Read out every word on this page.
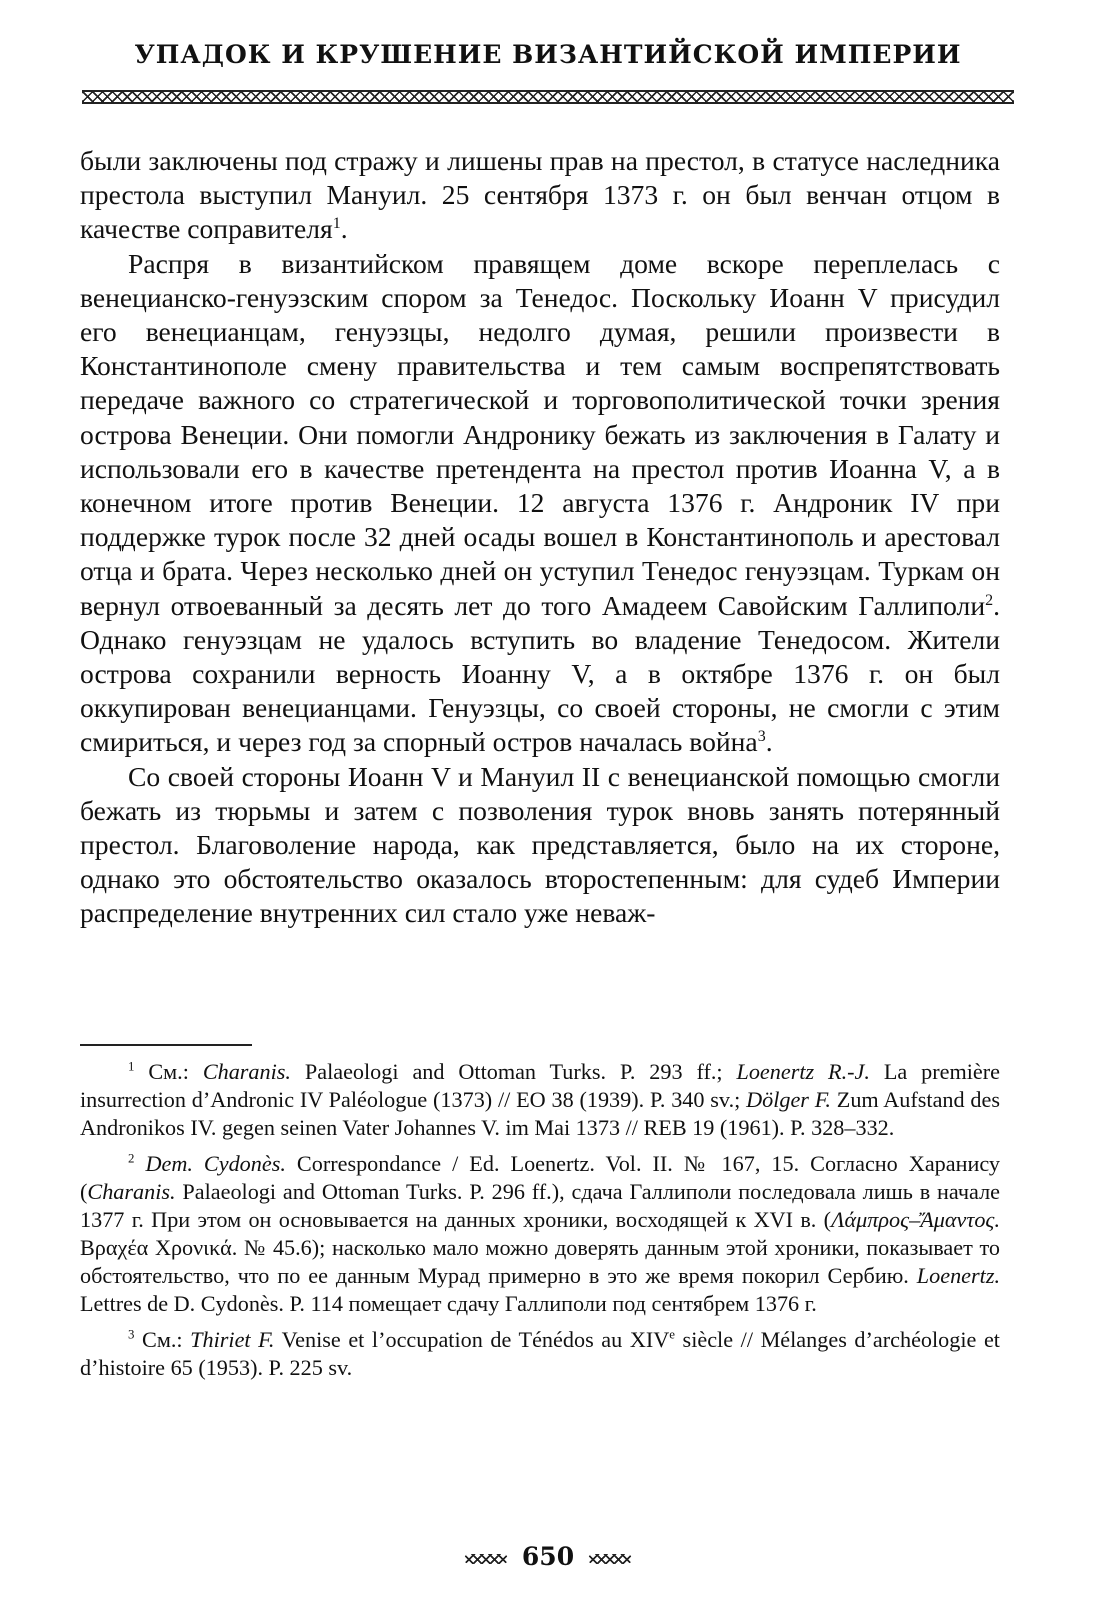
УПАДОК И КРУШЕНИЕ ВИЗАНТИЙСКОЙ ИМПЕРИИ

были заключены под стражу и лишены прав на престол, в статусе наследника престола выступил Мануил. 25 сентября 1373 г. он был венчан отцом в качестве соправителя$^1$.

Распря в византийском правящем доме вскоре переплелась с венецианско-генуэзским спором за Тенедос. Поскольку Иоанн V присудил его венецианцам, генуэзцы, недолго думая, решили произвести в Константинополе смену правительства и тем самым воспрепятствовать передаче важного со стратегической и торговополитической точки зрения острова Венеции. Они помогли Андронику бежать из заключения в Галату и использовали его в качестве претендента на престол против Иоанна V, а в конечном итоге против Венеции. 12 августа 1376 г. Андроник IV при поддержке турок после 32 дней осады вошел в Константинополь и арестовал отца и брата. Через несколько дней он уступил Тенедос генуэзцам. Туркам он вернул отвоеванный за десять лет до того Амадеем Савойским Галлиполи$^2$. Однако генуэзцам не удалось вступить во владение Тенедосом. Жители острова сохранили верность Иоанну V, а в октябре 1376 г. он был оккупирован венецианцами. Генуэзцы, со своей стороны, не смогли с этим смириться, и через год за спорный остров началась война$^3$.

Со своей стороны Иоанн V и Мануил II с венецианской помощью смогли бежать из тюрьмы и затем с позволения турок вновь занять потерянный престол. Благоволение народа, как представляется, было на их стороне, однако это обстоятельство оказалось второстепенным: для судеб Империи распределение внутренних сил стало уже неваж-

$^1$ См.: Charanis. Palaeologi and Ottoman Turks. P. 293 ff.; Loenertz R.-J. La première insurrection d’Andronic IV Paléologue (1373) // EO 38 (1939). P. 340 sv.; Dölger F. Zum Aufstand des Andronikos IV. gegen seinen Vater Johannes V. im Mai 1373 // REB 19 (1961). P. 328–332.

$^2$ Dem. Cydonès. Correspondance / Ed. Loenertz. Vol. II. № 167, 15. Согласно Харанису (Charanis. Palaeologi and Ottoman Turks. P. 296 ff.), сдача Галлиполи последовала лишь в начале 1377 г. При этом он основывается на данных хроники, восходящей к XVI в. (Λάμπρος–Ἄμαντος. Βραχέα Χρονικά. № 45.6); насколько мало можно доверять данным этой хроники, показывает то обстоятельство, что по ее данным Мурад примерно в это же время покорил Сербию. Loenertz. Lettres de D. Cydonès. P. 114 помещает сдачу Галлиполи под сентябрем 1376 г.

$^3$ См.: Thiriet F. Venise et l’occupation de Ténédos au XIVe siècle // Mélanges d’archéologie et d’histoire 65 (1953). P. 225 sv.

650
